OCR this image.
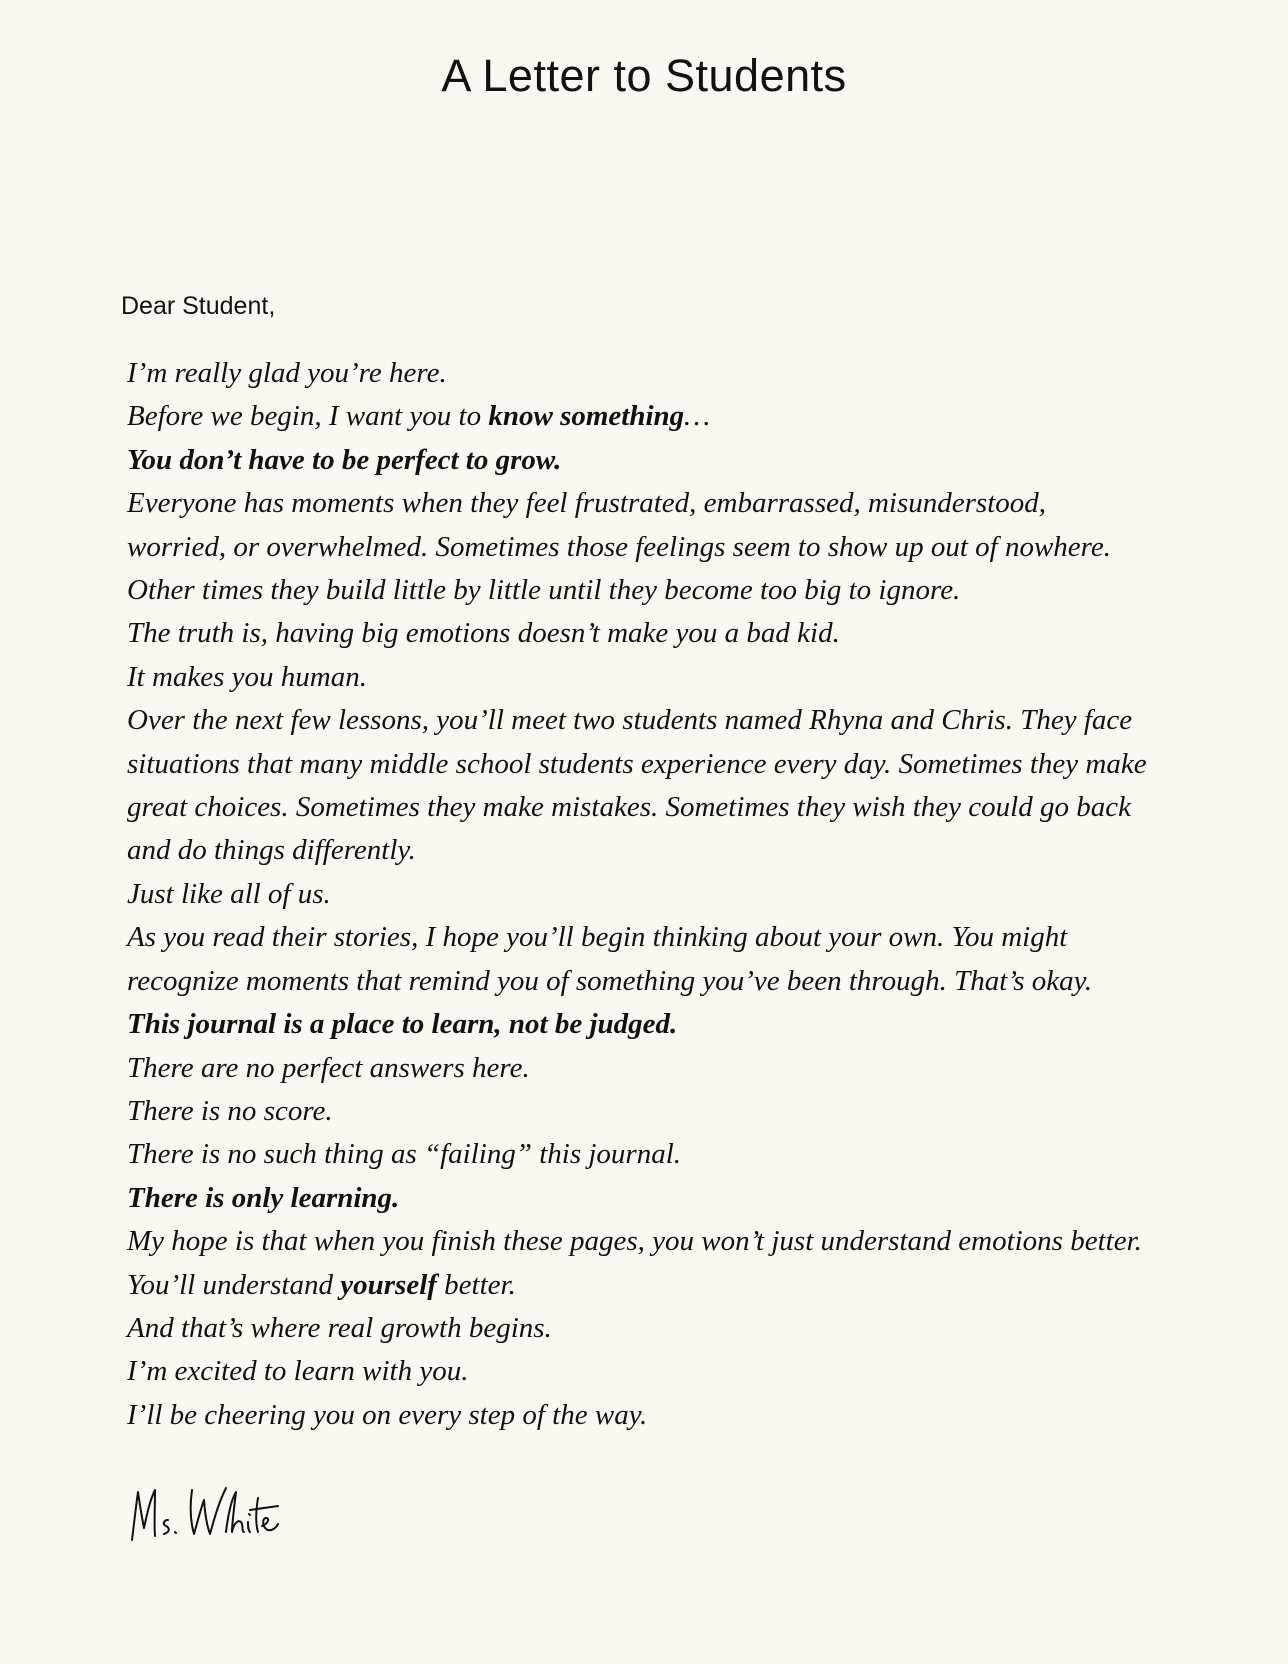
A Letter to Students

Dear Student,

I’m really glad you’re here.

Before we begin, I want you to know something…

You don’t have to be perfect to grow.

Everyone has moments when they feel frustrated, embarrassed, misunderstood, worried, or overwhelmed. Sometimes those feelings seem to show up out of nowhere.

Other times they build little by little until they become too big to ignore.

The truth is, having big emotions doesn’t make you a bad kid.

It makes you human.

Over the next few lessons, you’ll meet two students named Rhyna and Chris. They face situations that many middle school students experience every day. Sometimes they make great choices. Sometimes they make mistakes. Sometimes they wish they could go back and do things differently.

Just like all of us.

As you read their stories, I hope you’ll begin thinking about your own. You might recognize moments that remind you of something you’ve been through. That’s okay.

This journal is a place to learn, not be judged.

There are no perfect answers here.

There is no score.

There is no such thing as “failing” this journal.

There is only learning.

My hope is that when you finish these pages, you won’t just understand emotions better.

You’ll understand yourself better.

And that’s where real growth begins.

I’m excited to learn with you.

I’ll be cheering you on every step of the way.
